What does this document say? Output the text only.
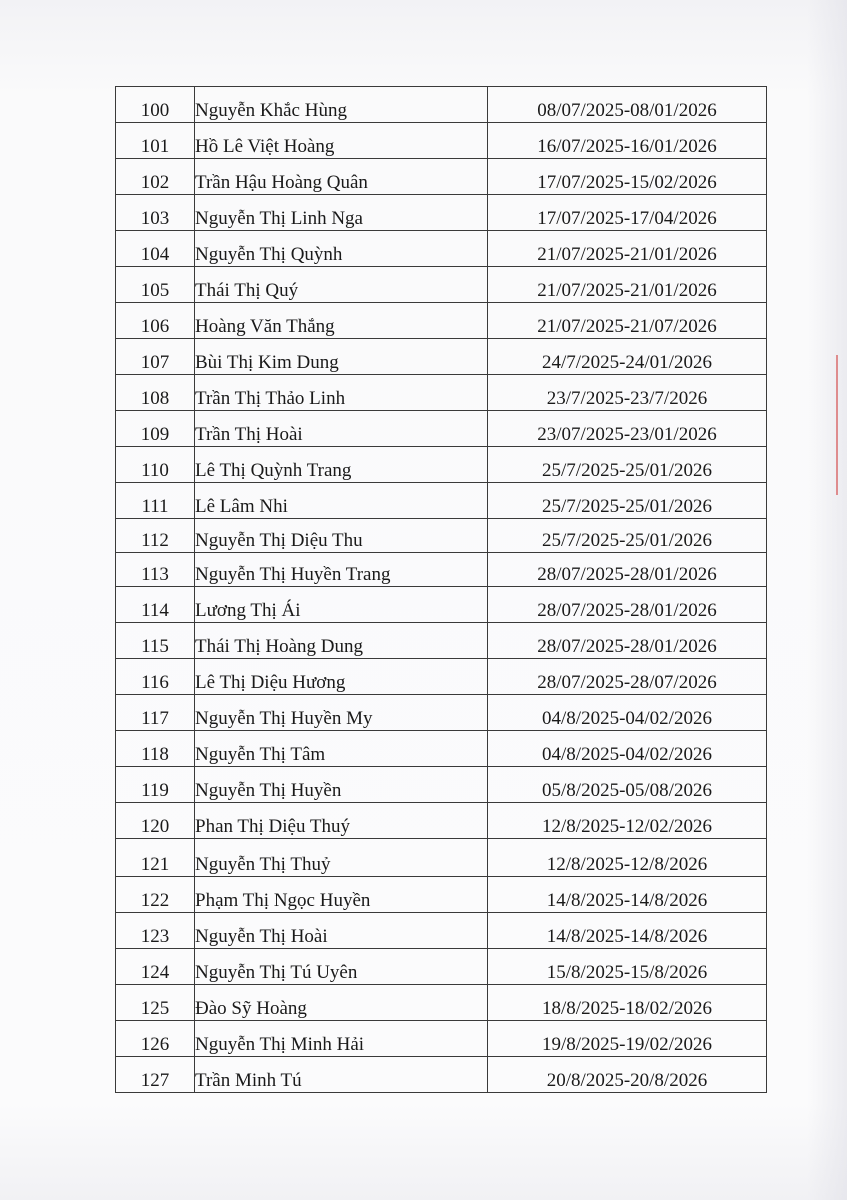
100	Nguyễn Khắc Hùng	08/07/2025-08/01/2026
101	Hồ Lê Việt Hoàng	16/07/2025-16/01/2026
102	Trần Hậu Hoàng Quân	17/07/2025-15/02/2026
103	Nguyễn Thị Linh Nga	17/07/2025-17/04/2026
104	Nguyễn Thị Quỳnh	21/07/2025-21/01/2026
105	Thái Thị Quý	21/07/2025-21/01/2026
106	Hoàng Văn Thắng	21/07/2025-21/07/2026
107	Bùi Thị Kim Dung	24/7/2025-24/01/2026
108	Trần Thị Thảo Linh	23/7/2025-23/7/2026
109	Trần Thị Hoài	23/07/2025-23/01/2026
110	Lê Thị Quỳnh Trang	25/7/2025-25/01/2026
111	Lê Lâm Nhi	25/7/2025-25/01/2026
112	Nguyễn Thị Diệu Thu	25/7/2025-25/01/2026
113	Nguyễn Thị Huyền Trang	28/07/2025-28/01/2026
114	Lương Thị Ái	28/07/2025-28/01/2026
115	Thái Thị Hoàng Dung	28/07/2025-28/01/2026
116	Lê Thị Diệu Hương	28/07/2025-28/07/2026
117	Nguyễn Thị Huyền My	04/8/2025-04/02/2026
118	Nguyễn Thị Tâm	04/8/2025-04/02/2026
119	Nguyễn Thị Huyền	05/8/2025-05/08/2026
120	Phan Thị Diệu Thuý	12/8/2025-12/02/2026
121	Nguyễn Thị Thuỷ	12/8/2025-12/8/2026
122	Phạm Thị Ngọc Huyền	14/8/2025-14/8/2026
123	Nguyễn Thị Hoài	14/8/2025-14/8/2026
124	Nguyễn Thị Tú Uyên	15/8/2025-15/8/2026
125	Đào Sỹ Hoàng	18/8/2025-18/02/2026
126	Nguyễn Thị Minh Hải	19/8/2025-19/02/2026
127	Trần Minh Tú	20/8/2025-20/8/2026
